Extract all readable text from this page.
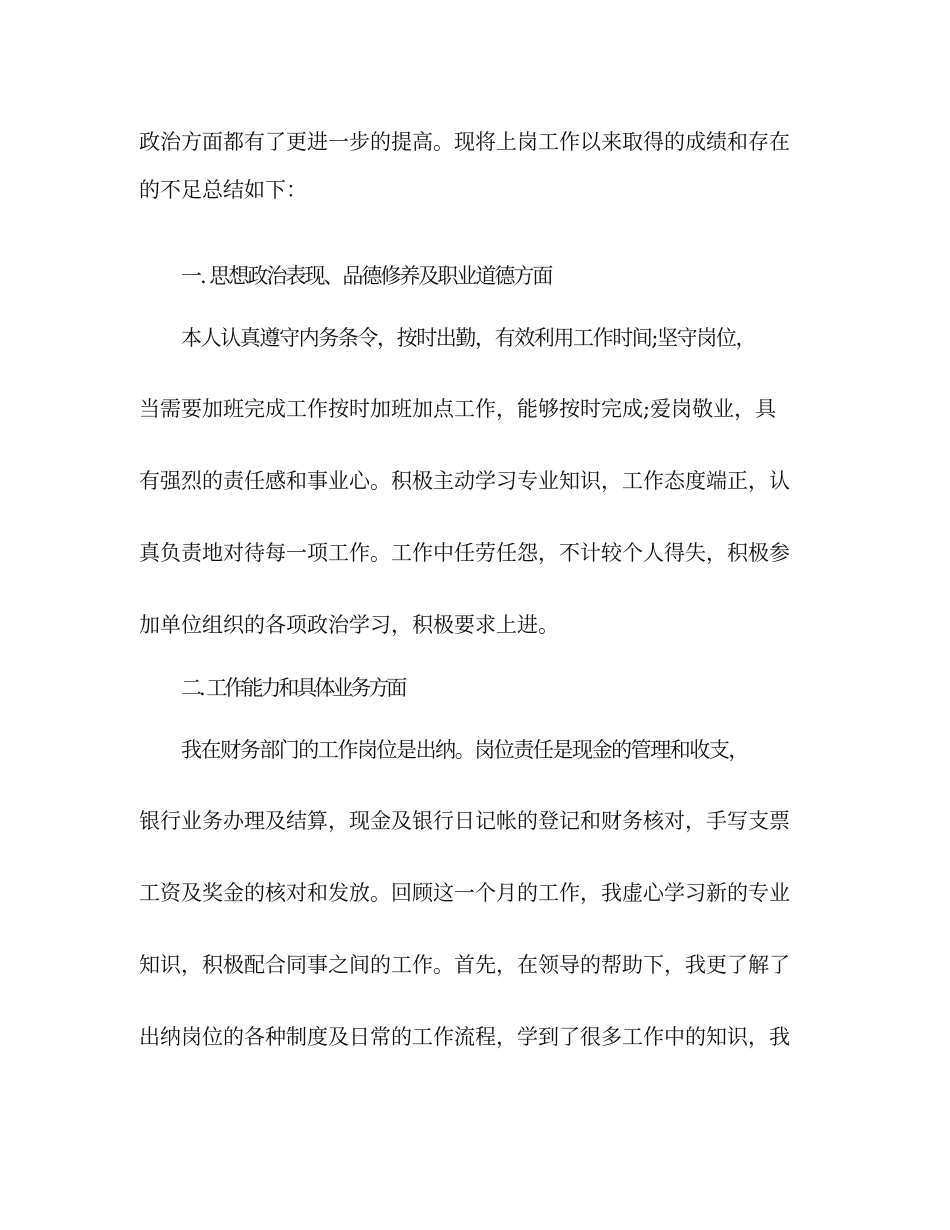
政治方面都有了更进一步的提高。现将上岗工作以来取得的成绩和存在
的不足总结如下：
一. 思想政治表现、品德修养及职业道德方面
本人认真遵守内务条令，按时出勤，有效利用工作时间;坚守岗位，
当需要加班完成工作按时加班加点工作，能够按时完成;爱岗敬业，具
有强烈的责任感和事业心。积极主动学习专业知识，工作态度端正，认
真负责地对待每一项工作。工作中任劳任怨，不计较个人得失，积极参
加单位组织的各项政治学习，积极要求上进。
二. 工作能力和具体业务方面
我在财务部门的工作岗位是出纳。岗位责任是现金的管理和收支，
银行业务办理及结算，现金及银行日记帐的登记和财务核对，手写支票
工资及奖金的核对和发放。回顾这一个月的工作，我虚心学习新的专业
知识，积极配合同事之间的工作。首先，在领导的帮助下，我更了解了
出纳岗位的各种制度及日常的工作流程，学到了很多工作中的知识，我
